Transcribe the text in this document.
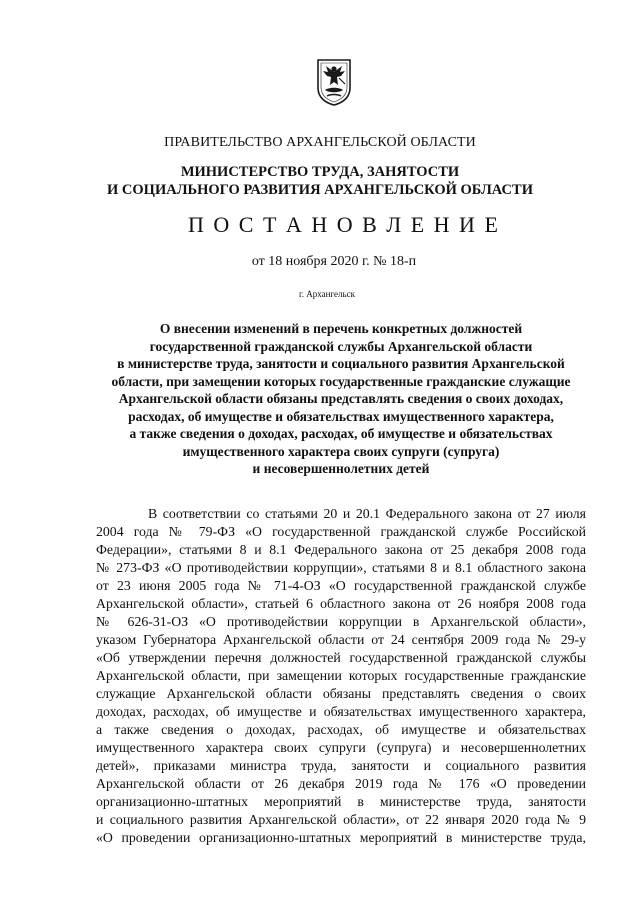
ПРАВИТЕЛЬСТВО АРХАНГЕЛЬСКОЙ ОБЛАСТИ
МИНИСТЕРСТВО ТРУДА, ЗАНЯТОСТИ
И СОЦИАЛЬНОГО РАЗВИТИЯ АРХАНГЕЛЬСКОЙ ОБЛАСТИ
П О С Т А Н О В Л Е Н И Е
от 18 ноября 2020 г. № 18-п
г. Архангельск
О внесении изменений в перечень конкретных должностей
государственной гражданской службы Архангельской области
в министерстве труда, занятости и социального развития Архангельской
области, при замещении которых государственные гражданские служащие
Архангельской области обязаны представлять сведения о своих доходах,
расходах, об имуществе и обязательствах имущественного характера,
а также сведения о доходах, расходах, об имуществе и обязательствах
имущественного характера своих супруги (супруга)
и несовершеннолетних детей
В соответствии со статьями 20 и 20.1 Федерального закона от 27 июля
2004 года № 79-ФЗ «О государственной гражданской службе Российской
Федерации», статьями 8 и 8.1 Федерального закона от 25 декабря 2008 года
№ 273-ФЗ «О противодействии коррупции», статьями 8 и 8.1 областного закона
от 23 июня 2005 года № 71-4-ОЗ «О государственной гражданской службе
Архангельской области», статьей 6 областного закона от 26 ноября 2008 года
№ 626-31-ОЗ «О противодействии коррупции в Архангельской области»,
указом Губернатора Архангельской области от 24 сентября 2009 года № 29-у
«Об утверждении перечня должностей государственной гражданской службы
Архангельской области, при замещении которых государственные гражданские
служащие Архангельской области обязаны представлять сведения о своих
доходах, расходах, об имуществе и обязательствах имущественного характера,
а также сведения о доходах, расходах, об имуществе и обязательствах
имущественного характера своих супруги (супруга) и несовершеннолетних
детей», приказами министра труда, занятости и социального развития
Архангельской области от 26 декабря 2019 года № 176 «О проведении
организационно-штатных мероприятий в министерстве труда, занятости
и социального развития Архангельской области», от 22 января 2020 года № 9
«О проведении организационно-штатных мероприятий в министерстве труда,
